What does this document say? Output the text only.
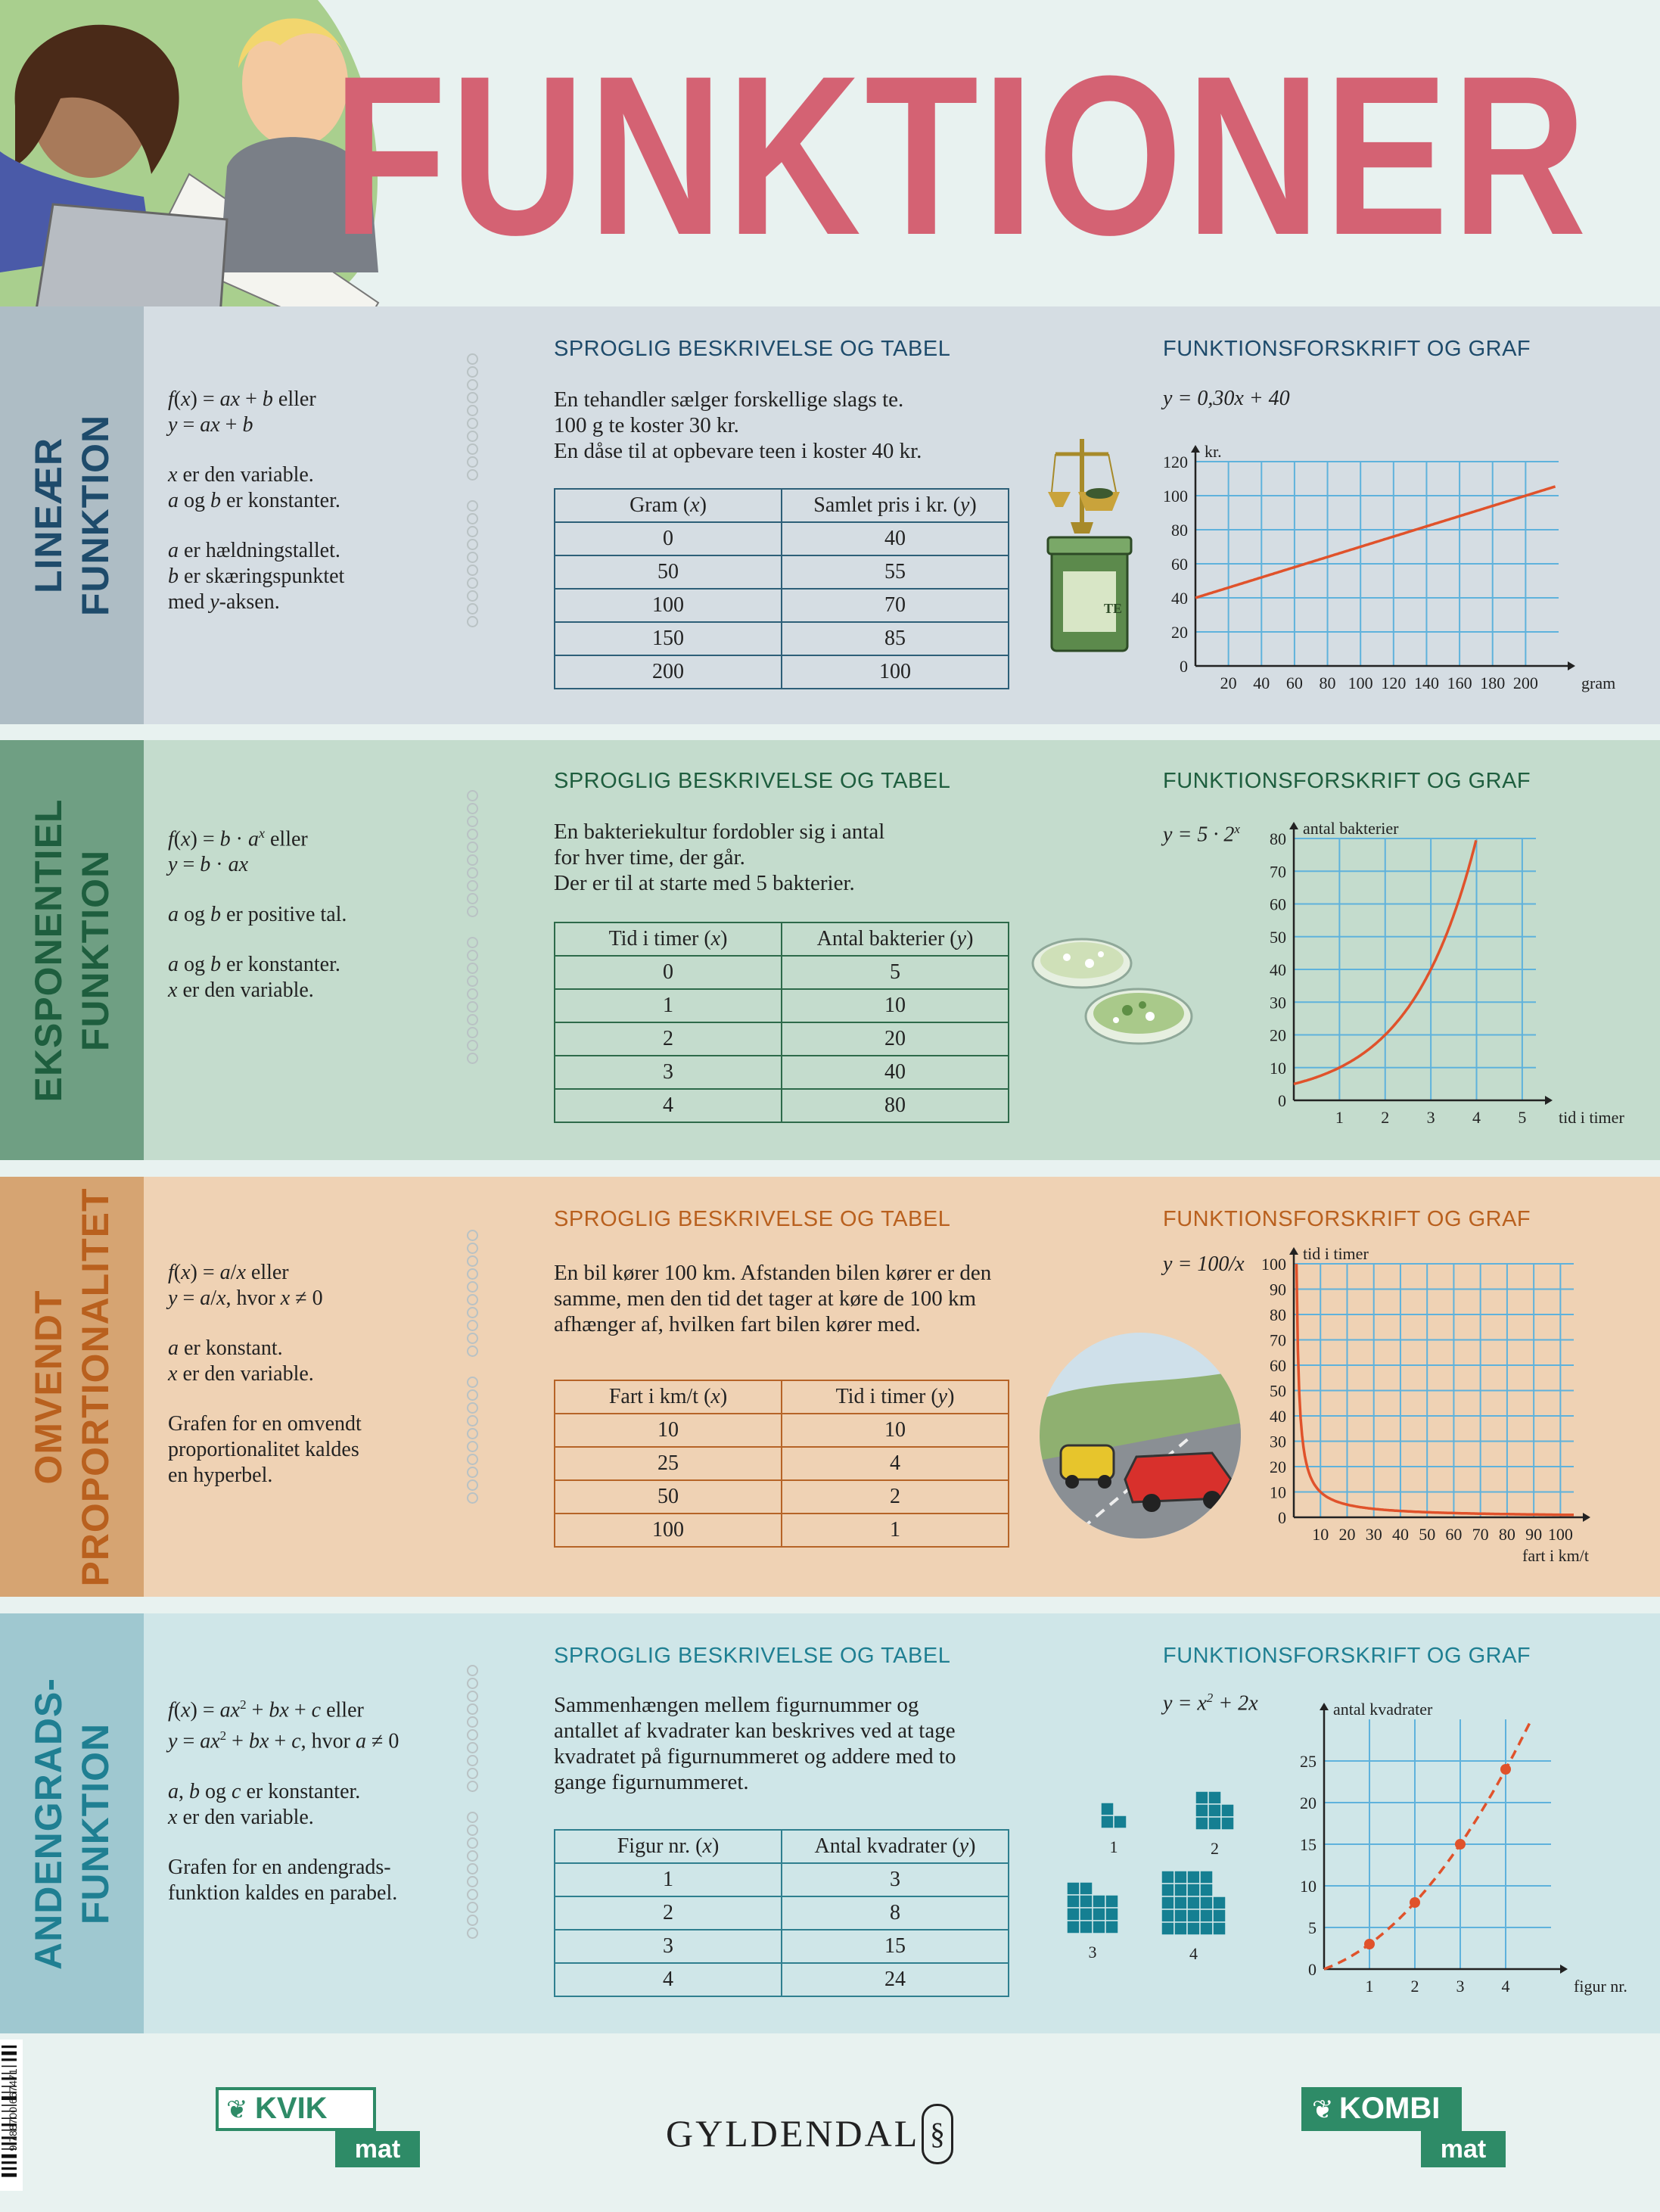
FUNKTIONER
LINEÆR FUNKTION

f(x) = ax + b eller
y = ax + b

x er den variable.
a og b er konstanter.

a er hældningstallet.
b er skæringspunktet
med y-aksen.

SPROGLIG BESKRIVELSE OG TABEL	FUNKTIONSFORSKRIFT OG GRAF
En tehandler sælger forskellige slags te.
100 g te koster 30 kr.
En dåse til at opbevare teen i koster 40 kr.
Gram (x)	Samlet pris i kr. (y)
0	40
50	55
100	70
150	85
200	100
TE
y = 0,30x + 40
0
20
40
60
80
100
120
20 40 60 80 100 120 140 160 180 200	gram
kr.
EKSPONENTIEL FUNKTION

$f(x) = b \cdot a^x$ eller
y = b · ax

a og b er positive tal.

a og b er konstanter.
x er den variable.

SPROGLIG BESKRIVELSE OG TABEL	FUNKTIONSFORSKRIFT OG GRAF
En bakteriekultur fordobler sig i antal
for hver time, der går.
Der er til at starte med 5 bakterier.
Tid i timer (x)	Antal bakterier (y)
0	5
1	10
2	20
3	40
4	80
$y = 5 \cdot 2^x$
0
10
20
30
40
50
60
70
80
1 2 3 4 5 tid i timer
antal bakterier
OMVENDT PROPORTIONALITET f(x) = a/x eller
y = a/x, hvor x ≠ 0

a er konstant.
x er den variable.

Grafen for en omvendt
proportionalitet kaldes
en hyperbel.

SPROGLIG BESKRIVELSE OG TABEL	FUNKTIONSFORSKRIFT OG GRAF
En bil kører 100 km. Afstanden bilen kører er den
samme, men den tid det tager at køre de 100 km
afhænger af, hvilken fart bilen kører med.
Fart i km/t (x)	Tid i timer (y)
10	10
25	4
50	2
100	1
y = 100/x
0
10
20
30
40
50
60
70
80
90
100
10 20 30 40 50 60 70 80 90 100
fart i km/t
tid i timer
ANDENGRADS- FUNKTION

$f(x) = ax^2$ + bx + c eller
$y = ax^2$ + bx + c, hvor a ≠ 0

a, b og c er konstanter.
x er den variable.

Grafen for en andengrads-
funktion kaldes en parabel.

SPROGLIG BESKRIVELSE OG TABEL	FUNKTIONSFORSKRIFT OG GRAF
Sammenhængen mellem figurnummer og
antallet af kvadrater kan beskrives ved at tage
kvadratet på figurnummeret og addere med to
gange figurnummeret.
Figur nr. (x)	Antal kvadrater (y)
1	3
2	8
3	15
4	24
1	2
3	4
$y = x^2 + 2x$
0
5
10
15
20
25
1 2 3 4	figur nr.
antal kvadrater
9 788700 667471	❦ KVIK
mat	GYLDENDAL §
❦ KOMBI
mat
